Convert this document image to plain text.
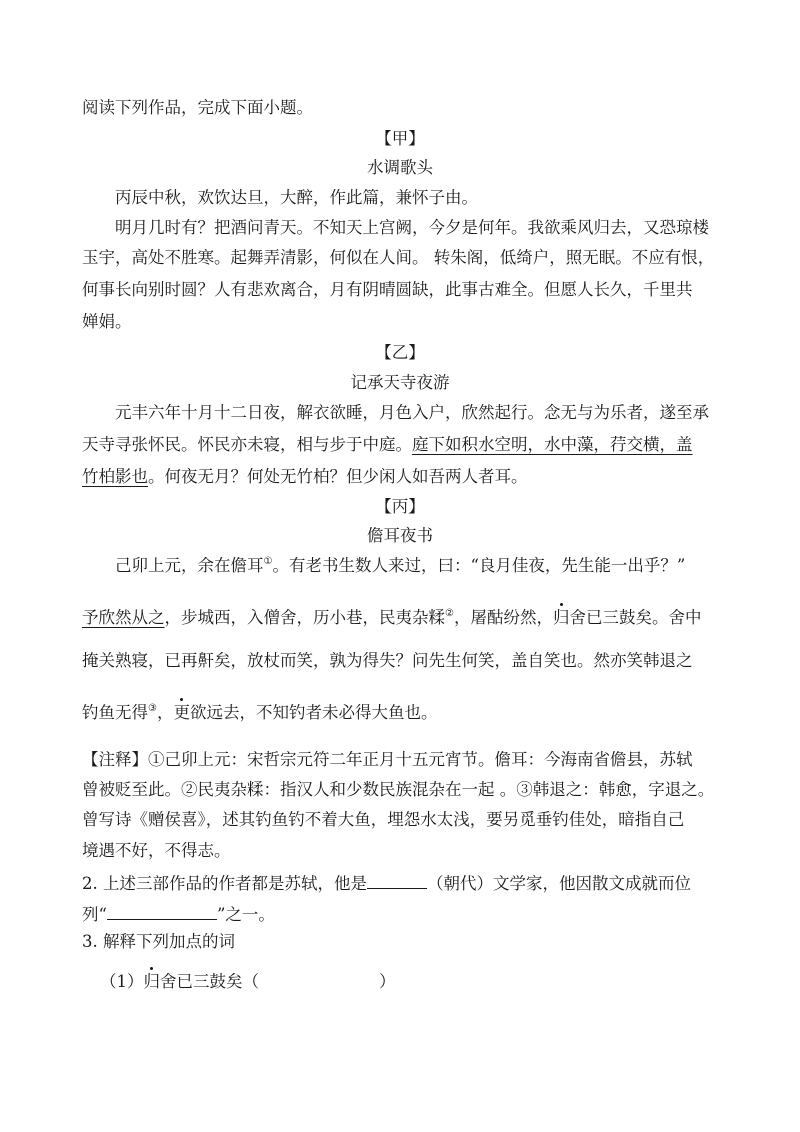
阅读下列作品，完成下面小题。
【甲】
水调歌头
丙辰中秋，欢饮达旦，大醉，作此篇，兼怀子由。
明月几时有？把酒问青天。不知天上宫阙，今夕是何年。我欲乘风归去，又恐琼楼
玉宇，高处不胜寒。起舞弄清影，何似在人间。 转朱阁，低绮户，照无眠。不应有恨，
何事长向别时圆？人有悲欢离合，月有阴晴圆缺，此事古难全。但愿人长久，千里共
婵娟。
【乙】
记承天寺夜游
元丰六年十月十二日夜，解衣欲睡，月色入户，欣然起行。念无与为乐者，遂至承
天寺寻张怀民。怀民亦未寝，相与步于中庭。庭下如积水空明，水中藻，荇交横，盖
竹柏影也。何夜无月？何处无竹柏？但少闲人如吾两人者耳。
【丙】
儋耳夜书
己卯上元，余在儋耳①。有老书生数人来过，曰：“良月佳夜，先生能一出乎？”
予欣然从之，步城西，入僧舍，历小巷，民夷杂糅②，屠酤纷然，归舍已三鼓矣。舍中
掩关熟寝，已再鼾矣，放杖而笑，孰为得失？问先生何笑，盖自笑也。然亦笑韩退之
钓鱼无得③，更欲远去，不知钓者未必得大鱼也。
【注释】①己卯上元：宋哲宗元符二年正月十五元宵节。儋耳：今海南省儋县，苏轼
曾被贬至此。②民夷杂糅：指汉人和少数民族混杂在一起 。③韩退之：韩愈，字退之。
曾写诗《赠侯喜》，述其钓鱼钓不着大鱼，埋怨水太浅，要另觅垂钓佳处，暗指自己
境遇不好，不得志。
2. 上述三部作品的作者都是苏轼，他是	（朝代）文学家，他因散文成就而位
列“	”之一。
3. 解释下列加点的词
（1）归舍已三鼓矣（	）
